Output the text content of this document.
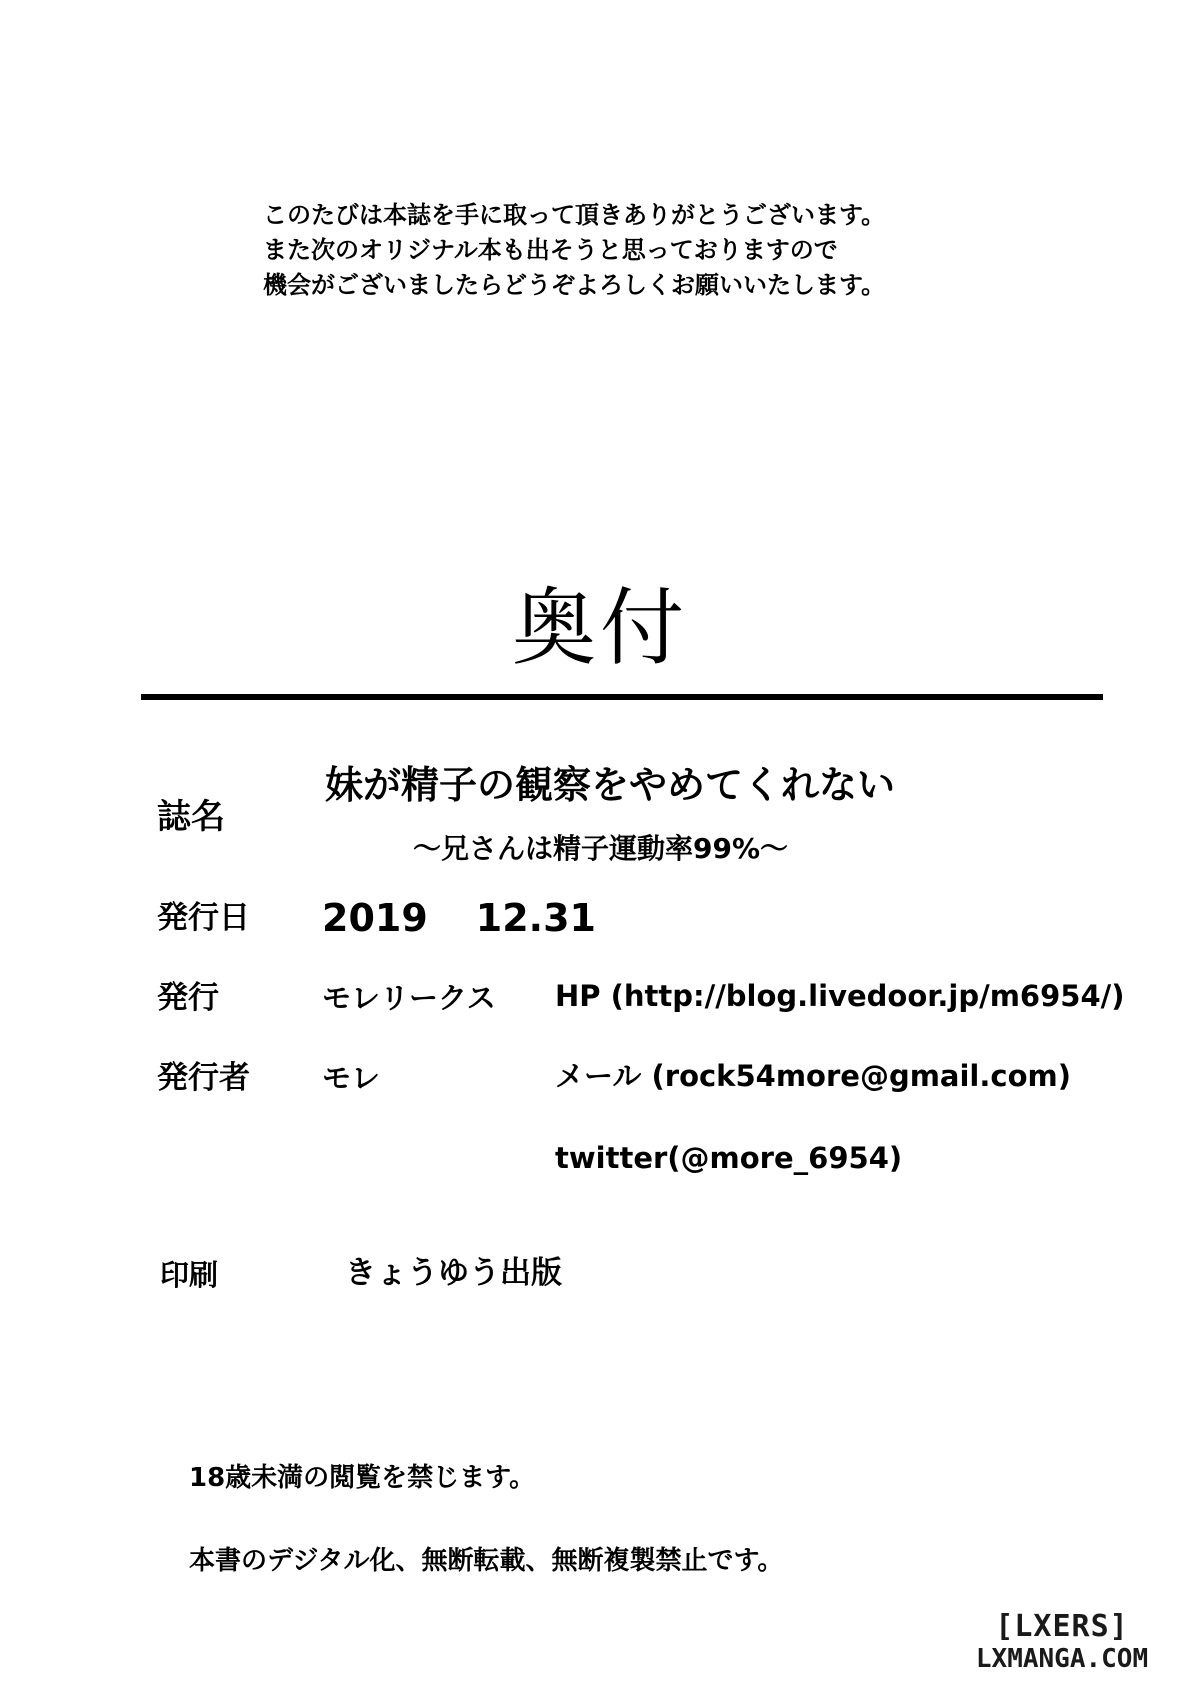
このたびは本誌を手に取って頂きありがとうございます。
また次のオリジナル本も出そうと思っておりますので
機会がございましたらどうぞよろしくお願いいたします。
奥付
誌名
妹が精子の観察をやめてくれない
〜兄さんは精子運動率99%〜
発行日 2019 12.31
発行	モレリークス HP (http://blog.livedoor.jp/m6954/)
発行者 モレ	メール (rock54more@gmail.com)
twitter(@more_6954)
印刷	きょうゆう出版
18歳未満の閲覧を禁じます。
本書のデジタル化、無断転載、無断複製禁止です。
[LXERS]
LXMANGA.COM
